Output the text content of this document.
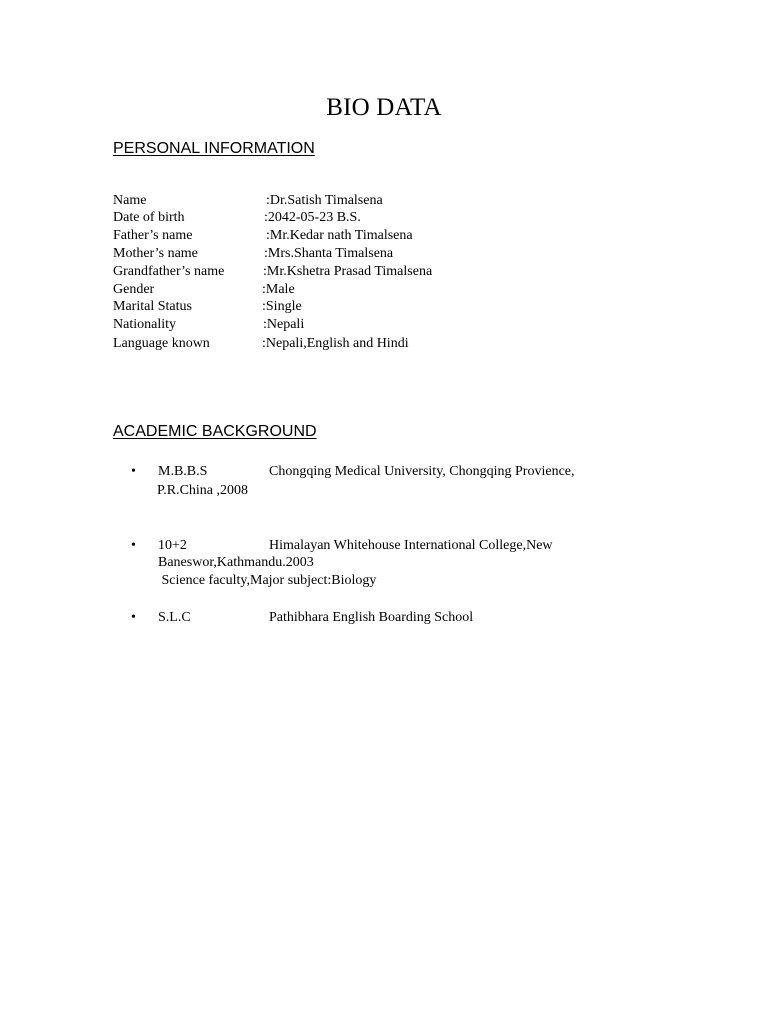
BIO DATA
PERSONAL INFORMATION
Name	:Dr.Satish Timalsena
Date of birth	:2042-05-23 B.S.
Father’s name	:Mr.Kedar nath Timalsena
Mother’s name	:Mrs.Shanta Timalsena
Grandfather’s name	:Mr.Kshetra Prasad Timalsena
Gender	:Male
Marital Status	:Single
Nationality	:Nepali
Language known	:Nepali,English and Hindi
ACADEMIC BACKGROUND
• M.B.B.S	Chongqing Medical University, Chongqing Provience,
P.R.China ,2008
• 10+2	Himalayan Whitehouse International College,New
Baneswor,Kathmandu.2003
Science faculty,Major subject:Biology
• S.L.C	Pathibhara English Boarding School
